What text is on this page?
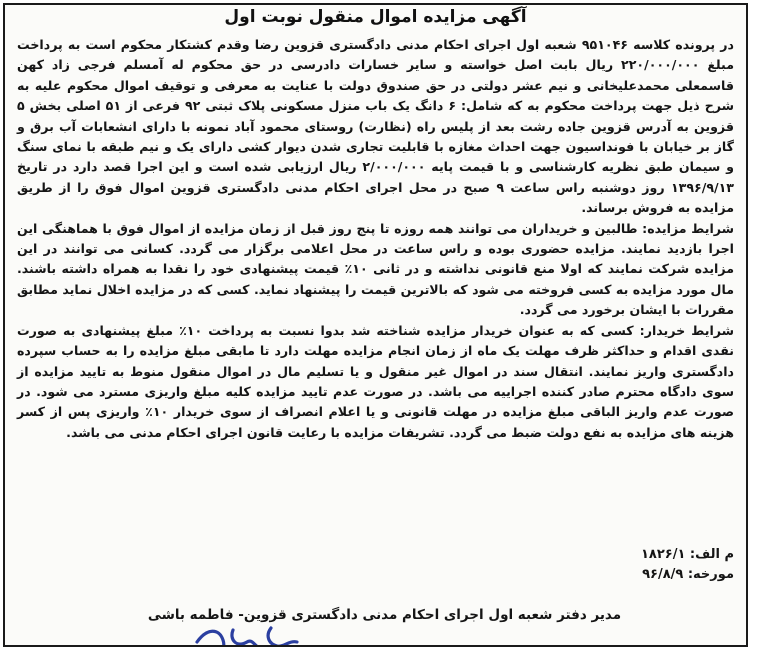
آگهی مزایده اموال منقول نوبت اول

در پرونده کلاسه ۹۵۱۰۴۶ شعبه اول اجرای احکام مدنی دادگستری قزوین رضا وقدم کشتکار محکوم است به پرداخت مبلغ ۲۲۰/۰۰۰/۰۰۰ ریال بابت اصل خواسته و سایر خسارات دادرسی در حق محکوم له آمسلم فرجی زاد کهن قاسمعلی محمدعلیخانی و نیم عشر دولتی در حق صندوق دولت با عنایت به معرفی و توقیف اموال محکوم علیه به شرح ذیل جهت پرداخت محکوم به که شامل: ۶ دانگ یک باب منزل مسکونی پلاک ثبتی ۹۲ فرعی از ۵۱ اصلی بخش ۵ قزوین به آدرس قزوین جاده رشت بعد از پلیس راه (نظارت) روستای محمود آباد نمونه با دارای انشعابات آب برق و گاز بر خیابان با فونداسیون جهت احداث مغازه با قابلیت تجاری شدن دیوار کشی دارای یک و نیم طبقه با نمای سنگ و سیمان طبق نظریه کارشناسی و با قیمت پایه ۲/۰۰۰/۰۰۰ ریال ارزیابی شده است و این اجرا قصد دارد در تاریخ ۱۳۹۶/۹/۱۳ روز دوشنبه راس ساعت ۹ صبح در محل اجرای احکام مدنی دادگستری قزوین اموال فوق را از طریق مزایده به فروش برساند.

شرایط مزایده: طالبین و خریداران می توانند همه روزه تا پنج روز قبل از زمان مزایده از اموال فوق با هماهنگی این اجرا بازدید نمایند. مزایده حضوری بوده و راس ساعت در محل اعلامی برگزار می گردد. کسانی می توانند در این مزایده شرکت نمایند که اولا منع قانونی نداشته و در ثانی ۱۰٪ قیمت پیشنهادی خود را نقدا به همراه داشته باشند. مال مورد مزایده به کسی فروخته می شود که بالاترین قیمت را پیشنهاد نماید. کسی که در مزایده اخلال نماید مطابق مقررات با ایشان برخورد می گردد.

شرایط خریدار: کسی که به عنوان خریدار مزایده شناخته شد بدوا نسبت به پرداخت ۱۰٪ مبلغ پیشنهادی به صورت نقدی اقدام و حداکثر ظرف مهلت یک ماه از زمان انجام مزایده مهلت دارد تا مابقی مبلغ مزایده را به حساب سپرده دادگستری واریز نمایند. انتقال سند در اموال غیر منقول و یا تسلیم مال در اموال منقول منوط به تایید مزایده از سوی دادگاه محترم صادر کننده اجراییه می باشد. در صورت عدم تایید مزایده کلیه مبلغ واریزی مسترد می شود. در صورت عدم واریز الباقی مبلغ مزایده در مهلت قانونی و یا اعلام انصراف از سوی خریدار ۱۰٪ واریزی پس از کسر هزینه های مزایده به نفع دولت ضبط می گردد. تشریفات مزایده با رعایت قانون اجرای احکام مدنی می باشد.

م الف: ۱۸۲۶/۱
مورخه: ۹۶/۸/۹
مدیر دفتر شعبه اول اجرای احکام مدنی دادگستری قزوین- فاطمه باشی
